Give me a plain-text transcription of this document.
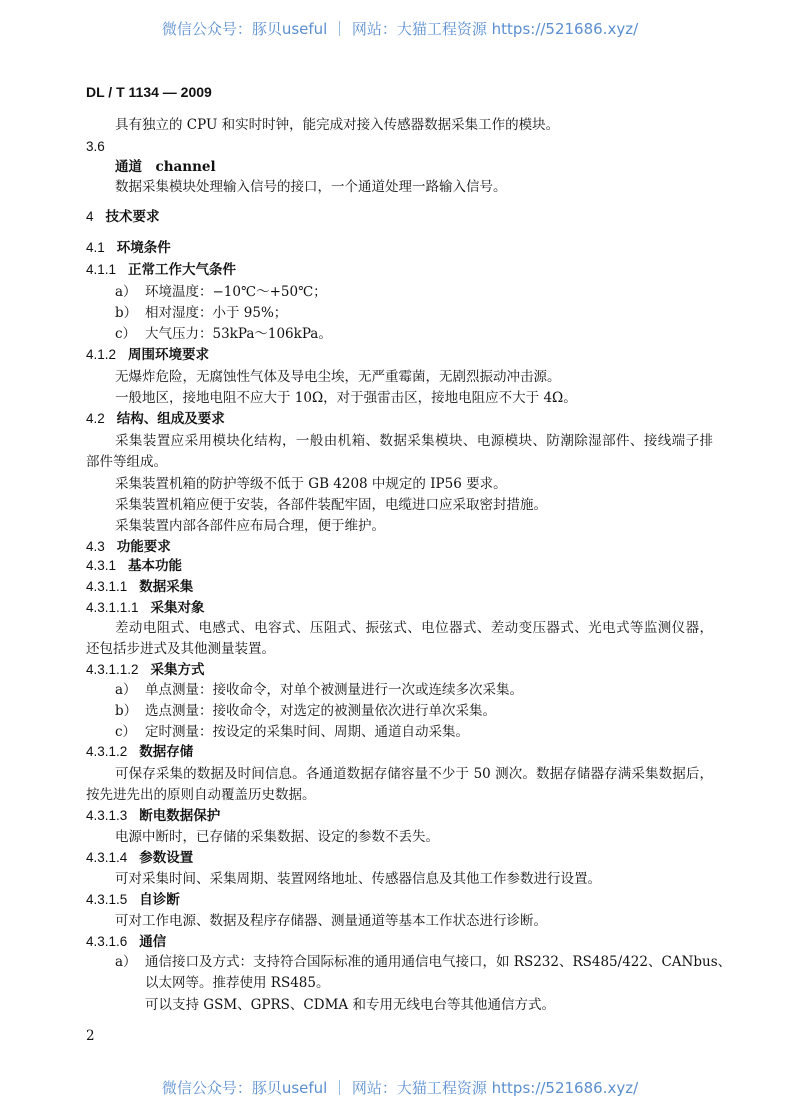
微信公众号：豚贝useful ｜ 网站：大猫工程资源 https://521686.xyz/
DL / T 1134 — 2009
具有独立的 CPU 和实时时钟，能完成对接入传感器数据采集工作的模块。
3.6
通道　channel
数据采集模块处理输入信号的接口，一个通道处理一路输入信号。
4 技术要求
4.1 环境条件
4.1.1 正常工作大气条件
a） 环境温度：−10℃～+50℃；
b） 相对湿度：小于 95%；
c） 大气压力：53kPa～106kPa。
4.1.2 周围环境要求
无爆炸危险，无腐蚀性气体及导电尘埃，无严重霉菌，无剧烈振动冲击源。
一般地区，接地电阻不应大于 10Ω，对于强雷击区，接地电阻应不大于 4Ω。
4.2 结构、组成及要求
采集装置应采用模块化结构，一般由机箱、数据采集模块、电源模块、防潮除湿部件、接线端子排
部件等组成。
采集装置机箱的防护等级不低于 GB 4208 中规定的 IP56 要求。
采集装置机箱应便于安装，各部件装配牢固，电缆进口应采取密封措施。
采集装置内部各部件应布局合理，便于维护。
4.3 功能要求
4.3.1 基本功能
4.3.1.1 数据采集
4.3.1.1.1 采集对象
差动电阻式、电感式、电容式、压阻式、振弦式、电位器式、差动变压器式、光电式等监测仪器，
还包括步进式及其他测量装置。
4.3.1.1.2 采集方式
a） 单点测量：接收命令，对单个被测量进行一次或连续多次采集。
b） 选点测量：接收命令，对选定的被测量依次进行单次采集。
c） 定时测量：按设定的采集时间、周期、通道自动采集。
4.3.1.2 数据存储
可保存采集的数据及时间信息。各通道数据存储容量不少于 50 测次。数据存储器存满采集数据后，
按先进先出的原则自动覆盖历史数据。
4.3.1.3 断电数据保护
电源中断时，已存储的采集数据、设定的参数不丢失。
4.3.1.4 参数设置
可对采集时间、采集周期、装置网络地址、传感器信息及其他工作参数进行设置。
4.3.1.5 自诊断
可对工作电源、数据及程序存储器、测量通道等基本工作状态进行诊断。
4.3.1.6 通信
a） 通信接口及方式：支持符合国际标准的通用通信电气接口，如 RS232、RS485/422、CANbus、
以太网等。推荐使用 RS485。
可以支持 GSM、GPRS、CDMA 和专用无线电台等其他通信方式。
2
微信公众号：豚贝useful ｜ 网站：大猫工程资源 https://521686.xyz/
